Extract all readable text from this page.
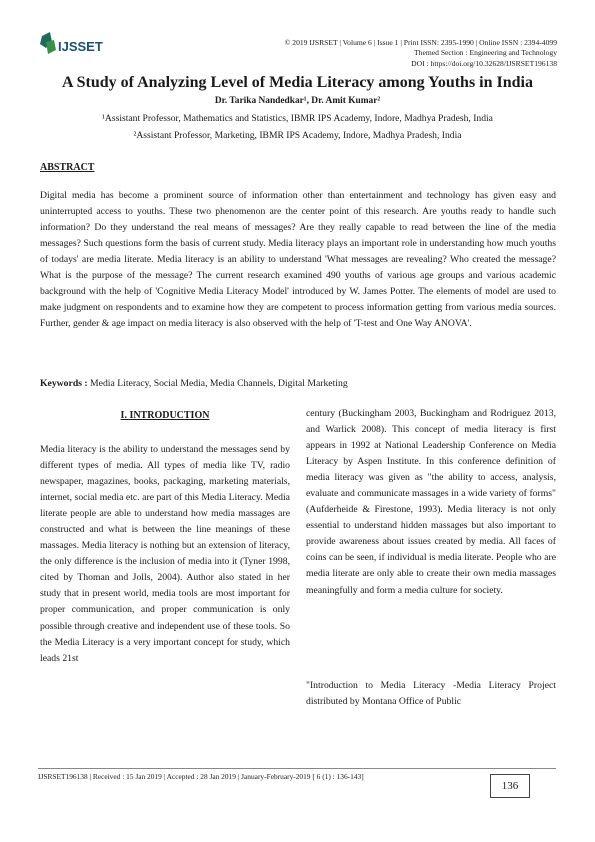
IJSSET	© 2019 IJSRSET | Volume 6 | Issue 1 | Print ISSN: 2395-1990 | Online ISSN : 2394-4099
Themed Section : Engineering and Technology
DOI : https://doi.org/10.32628/IJSRSET196138
A Study of Analyzing Level of Media Literacy among Youths in India
Dr. Tarika Nandedkar¹, Dr. Amit Kumar²
¹Assistant Professor, Mathematics and Statistics, IBMR IPS Academy, Indore, Madhya Pradesh, India
²Assistant Professor, Marketing, IBMR IPS Academy, Indore, Madhya Pradesh, India
ABSTRACT

Digital media has become a prominent source of information other than entertainment and technology has given easy and uninterrupted access to youths. These two phenomenon are the center point of this research. Are youths ready to handle such information? Do they understand the real means of messages? Are they really capable to read between the line of the media messages? Such questions form the basis of current study. Media literacy plays an important role in understanding how much youths of todays' are media literate. Media literacy is an ability to understand 'What messages are revealing? Who created the message? What is the purpose of the message? The current research examined 490 youths of various age groups and various academic background with the help of 'Cognitive Media Literacy Model' introduced by W. James Potter. The elements of model are used to make judgment on respondents and to examine how they are competent to process information getting from various media sources. Further, gender & age impact on media literacy is also observed with the help of 'T-test and One Way ANOVA'.

Keywords : Media Literacy, Social Media, Media Channels, Digital Marketing
I. INTRODUCTION

Media literacy is the ability to understand the messages send by different types of media. All types of media like TV, radio newspaper, magazines, books, packaging, marketing materials, internet, social media etc. are part of this Media Literacy. Media literate people are able to understand how media massages are constructed and what is between the line meanings of these massages. Media literacy is nothing but an extension of literacy, the only difference is the inclusion of media into it (Tyner 1998, cited by Thoman and Jolls, 2004). Author also stated in her study that in present world, media tools are most important for proper communication, and proper communication is only possible through creative and independent use of these tools. So the Media Literacy is a very important concept for study, which leads 21st

century (Buckingham 2003, Buckingham and Rodriguez 2013, and Warlick 2008). This concept of media literacy is first appears in 1992 at National Leadership Conference on Media Literacy by Aspen Institute. In this conference definition of media literacy was given as "the ability to access, analysis, evaluate and communicate massages in a wide variety of forms" (Aufderheide & Firestone, 1993). Media literacy is not only essential to understand hidden massages but also important to provide awareness about issues created by media. All faces of coins can be seen, if individual is media literate. People who are media literate are only able to create their own media massages meaningfully and form a media culture for society.

"Introduction to Media Literacy -Media Literacy Project distributed by Montana Office of Public

IJSRSET196138 | Received : 15 Jan 2019 | Accepted : 28 Jan 2019 | January-February-2019 [ 6 (1) : 136-143]
136
